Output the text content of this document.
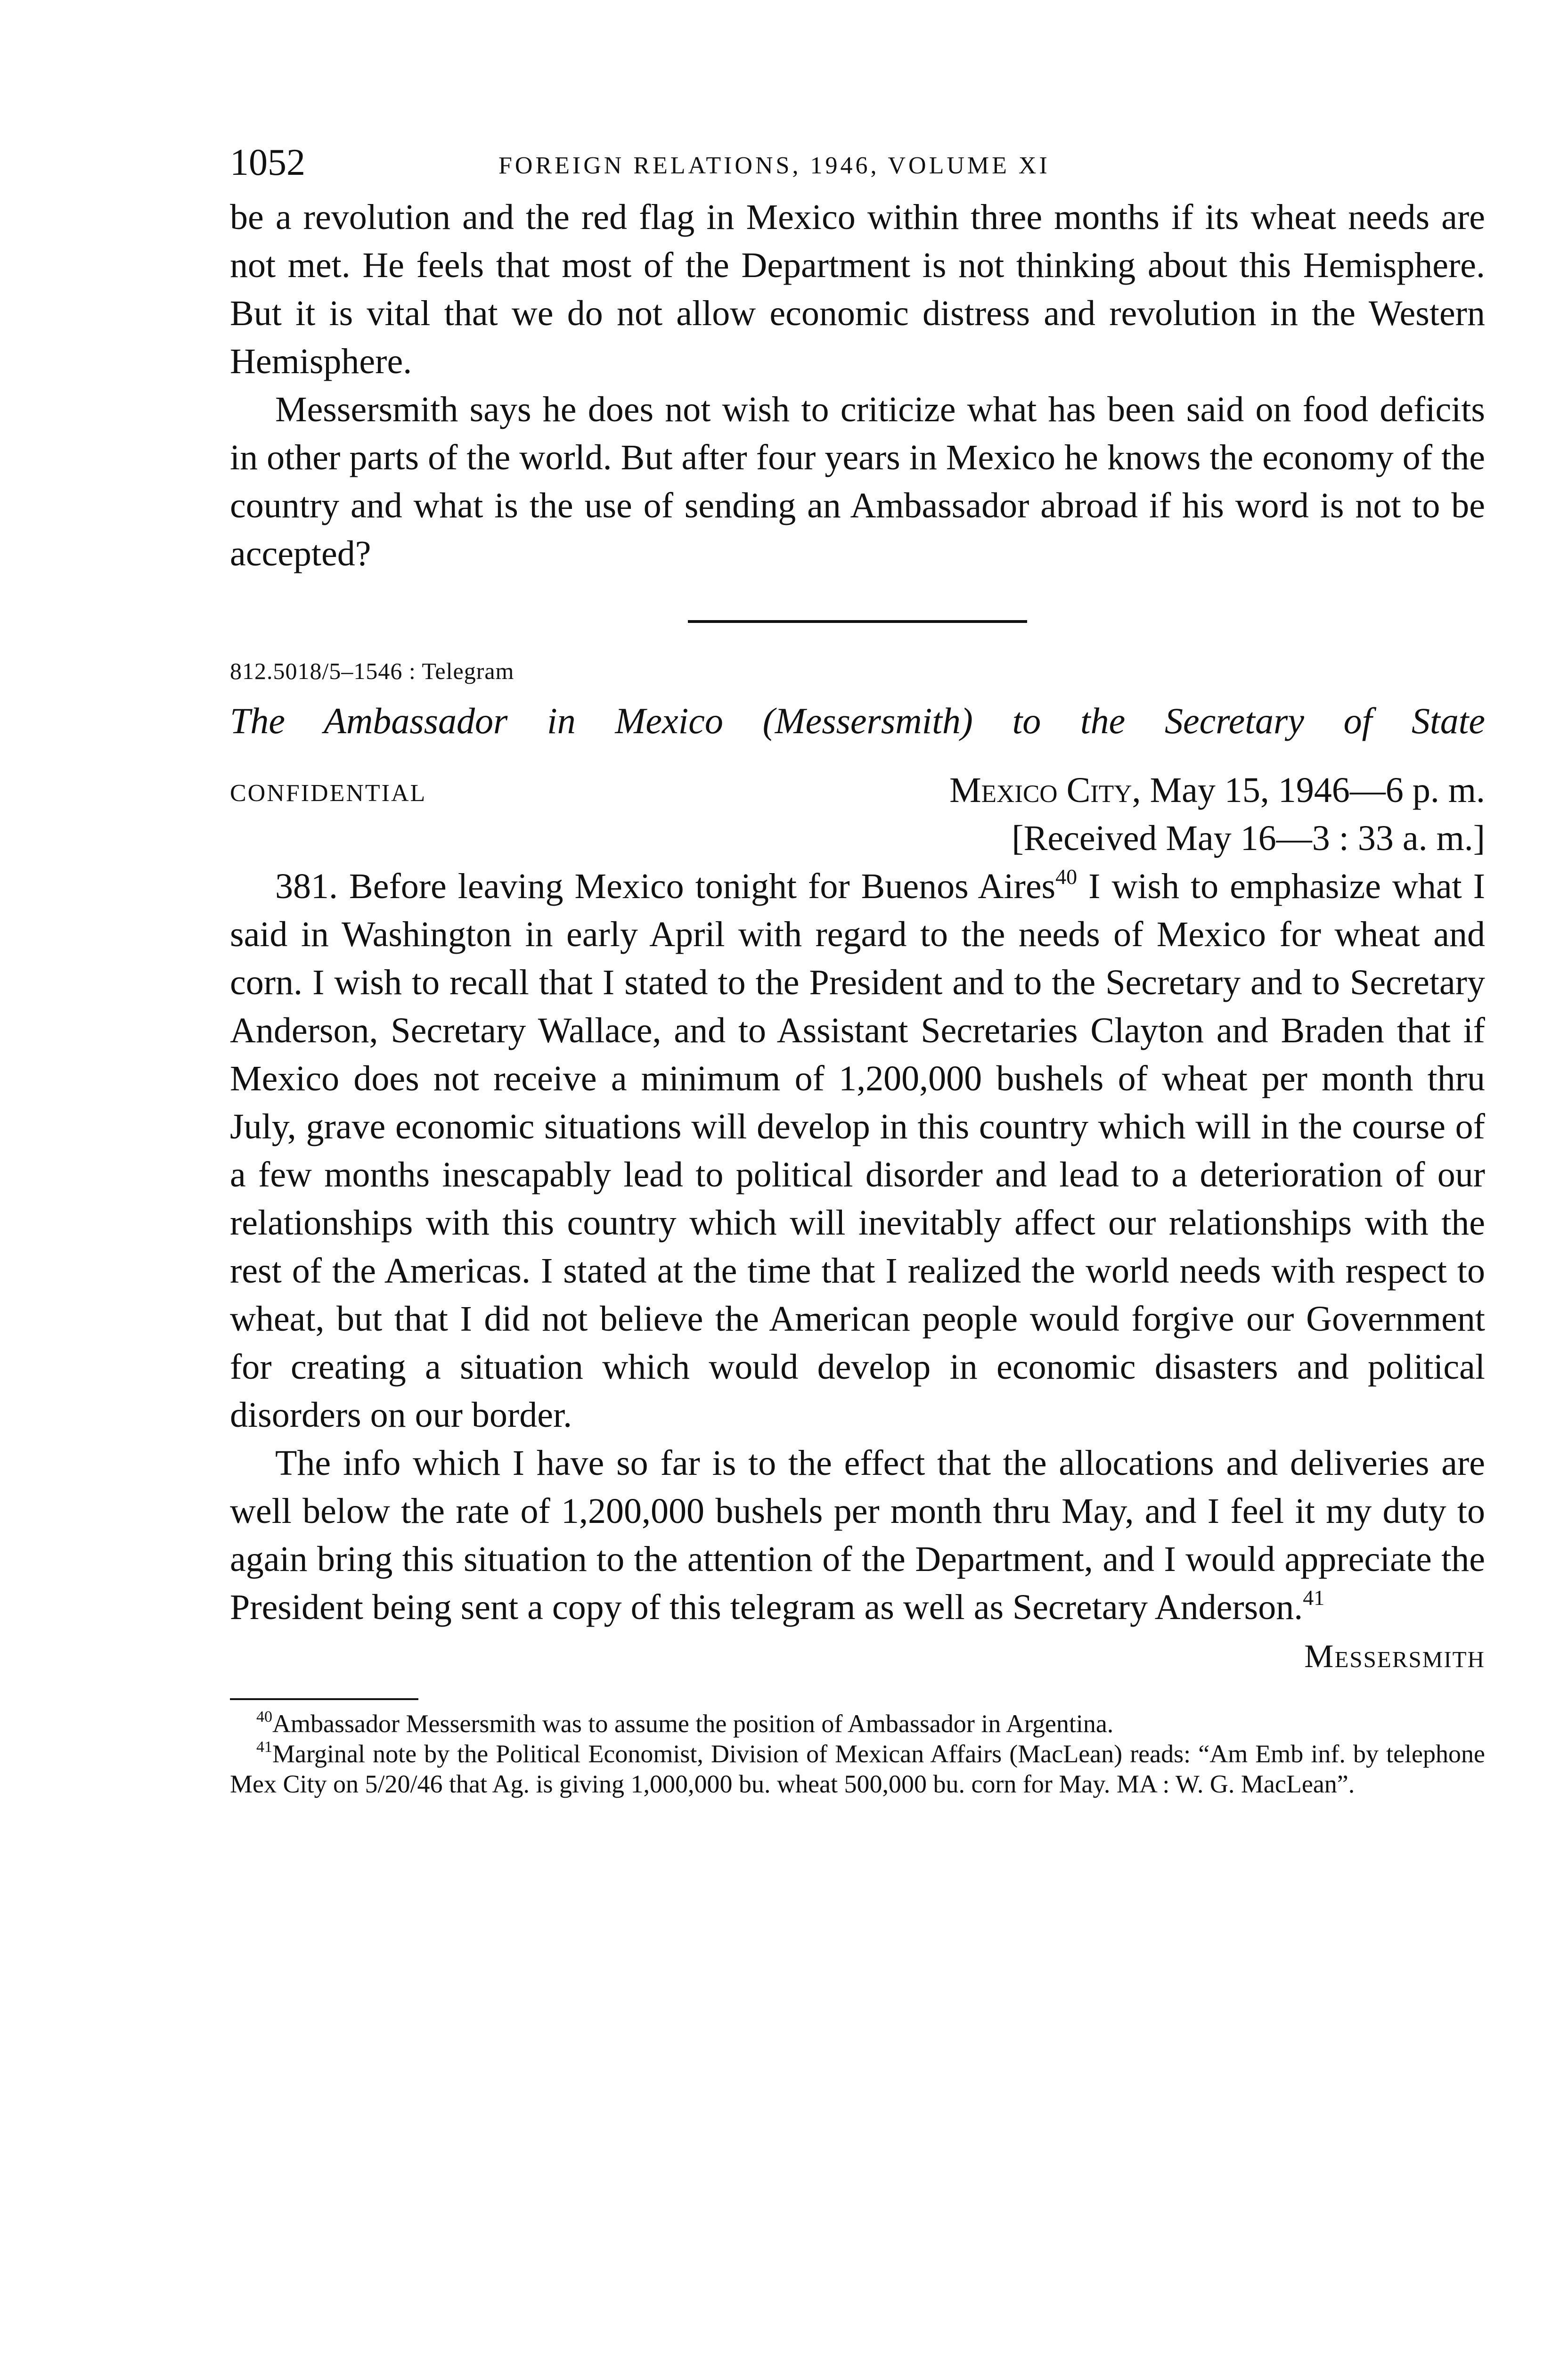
1052	FOREIGN RELATIONS, 1946, VOLUME XI

be a revolution and the red flag in Mexico within three months if its wheat needs are not met. He feels that most of the Department is not thinking about this Hemisphere. But it is vital that we do not allow economic distress and revolution in the Western Hemisphere.

Messersmith says he does not wish to criticize what has been said on food deficits in other parts of the world. But after four years in Mexico he knows the economy of the country and what is the use of sending an Ambassador abroad if his word is not to be accepted?

812.5018/5–1546 : Telegram
The Ambassador in Mexico (Messersmith) to the Secretary of State
CONFIDENTIAL	Mexico City, May 15, 1946—6 p. m.
[Received May 16—3 : 33 a. m.]

381. Before leaving Mexico tonight for Buenos Aires$^{40}$ I wish to emphasize what I said in Washington in early April with regard to the needs of Mexico for wheat and corn. I wish to recall that I stated to the President and to the Secretary and to Secretary Anderson, Secretary Wallace, and to Assistant Secretaries Clayton and Braden that if Mexico does not receive a minimum of 1,200,000 bushels of wheat per month thru July, grave economic situations will develop in this country which will in the course of a few months inescapably lead to political disorder and lead to a deterioration of our relationships with this country which will inevitably affect our relationships with the rest of the Americas. I stated at the time that I realized the world needs with respect to wheat, but that I did not believe the American people would forgive our Government for creating a situation which would develop in economic disasters and political disorders on our border.

The info which I have so far is to the effect that the allocations and deliveries are well below the rate of 1,200,000 bushels per month thru May, and I feel it my duty to again bring this situation to the attention of the Department, and I would appreciate the President being sent a copy of this telegram as well as Secretary Anderson.$^{41}$

Messersmith

$^{40}$Ambassador Messersmith was to assume the position of Ambassador in Argentina.

$^{41}$Marginal note by the Political Economist, Division of Mexican Affairs (MacLean) reads: “Am Emb inf. by telephone Mex City on 5/20/46 that Ag. is giving 1,000,000 bu. wheat 500,000 bu. corn for May. MA : W. G. MacLean”.
